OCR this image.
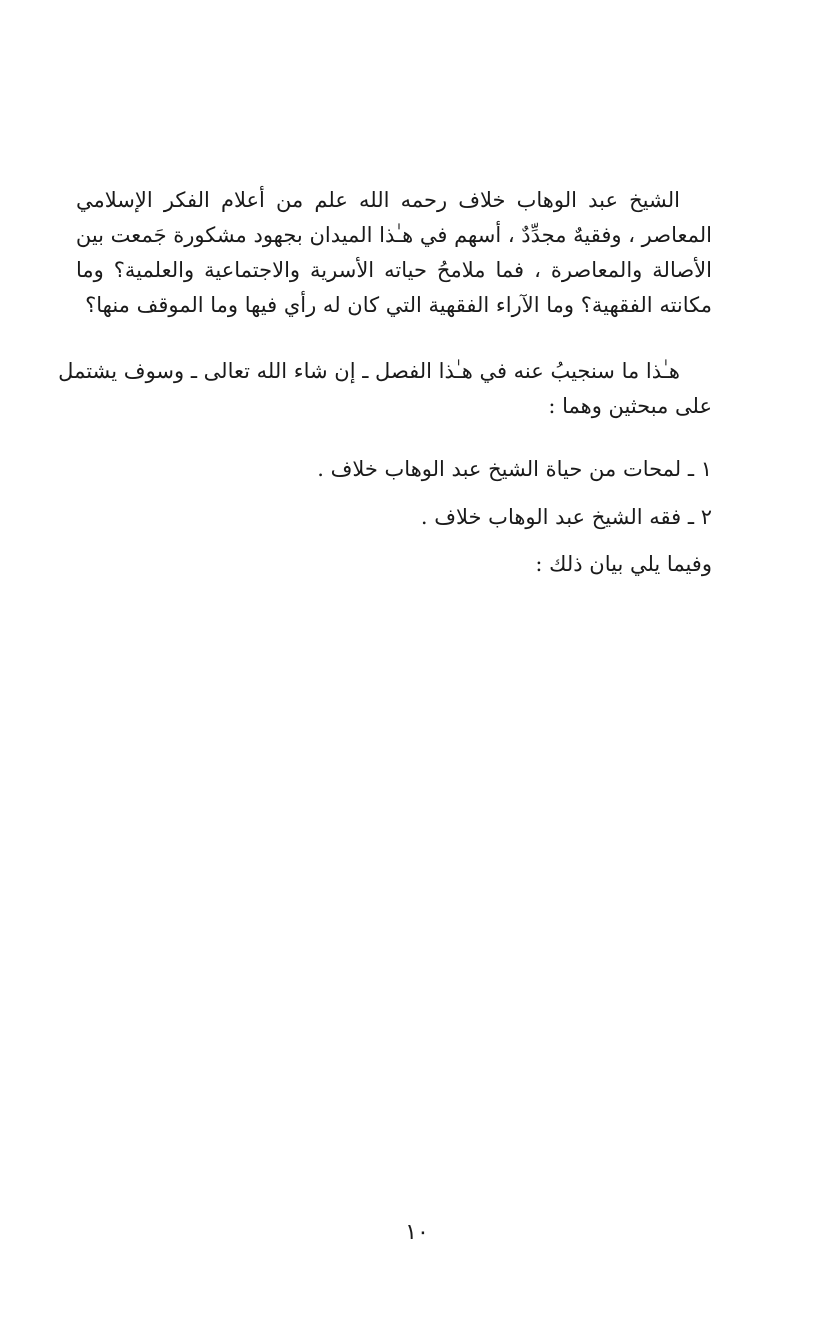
الشيخ عبد الوهاب خلاف رحمه الله علم من أعلام الفكر الإسلامي
المعاصر ، وفقيهٌ مجدِّدٌ ، أسهم في هـٰذا الميدان بجهود مشكورة جَمعت بين
الأصالة والمعاصرة ، فما ملامحُ حياته الأسرية والاجتماعية والعلمية؟ وما
مكانته الفقهية؟ وما الآراء الفقهية التي كان له رأي فيها وما الموقف منها؟
هـٰذا ما سنجيبُ عنه في هـٰذا الفصل ـ إن شاء الله تعالى ـ وسوف يشتمل
على مبحثين وهما :
١ ـ لمحات من حياة الشيخ عبد الوهاب خلاف .
٢ ـ فقه الشيخ عبد الوهاب خلاف .
وفيما يلي بيان ذلك :
١٠
